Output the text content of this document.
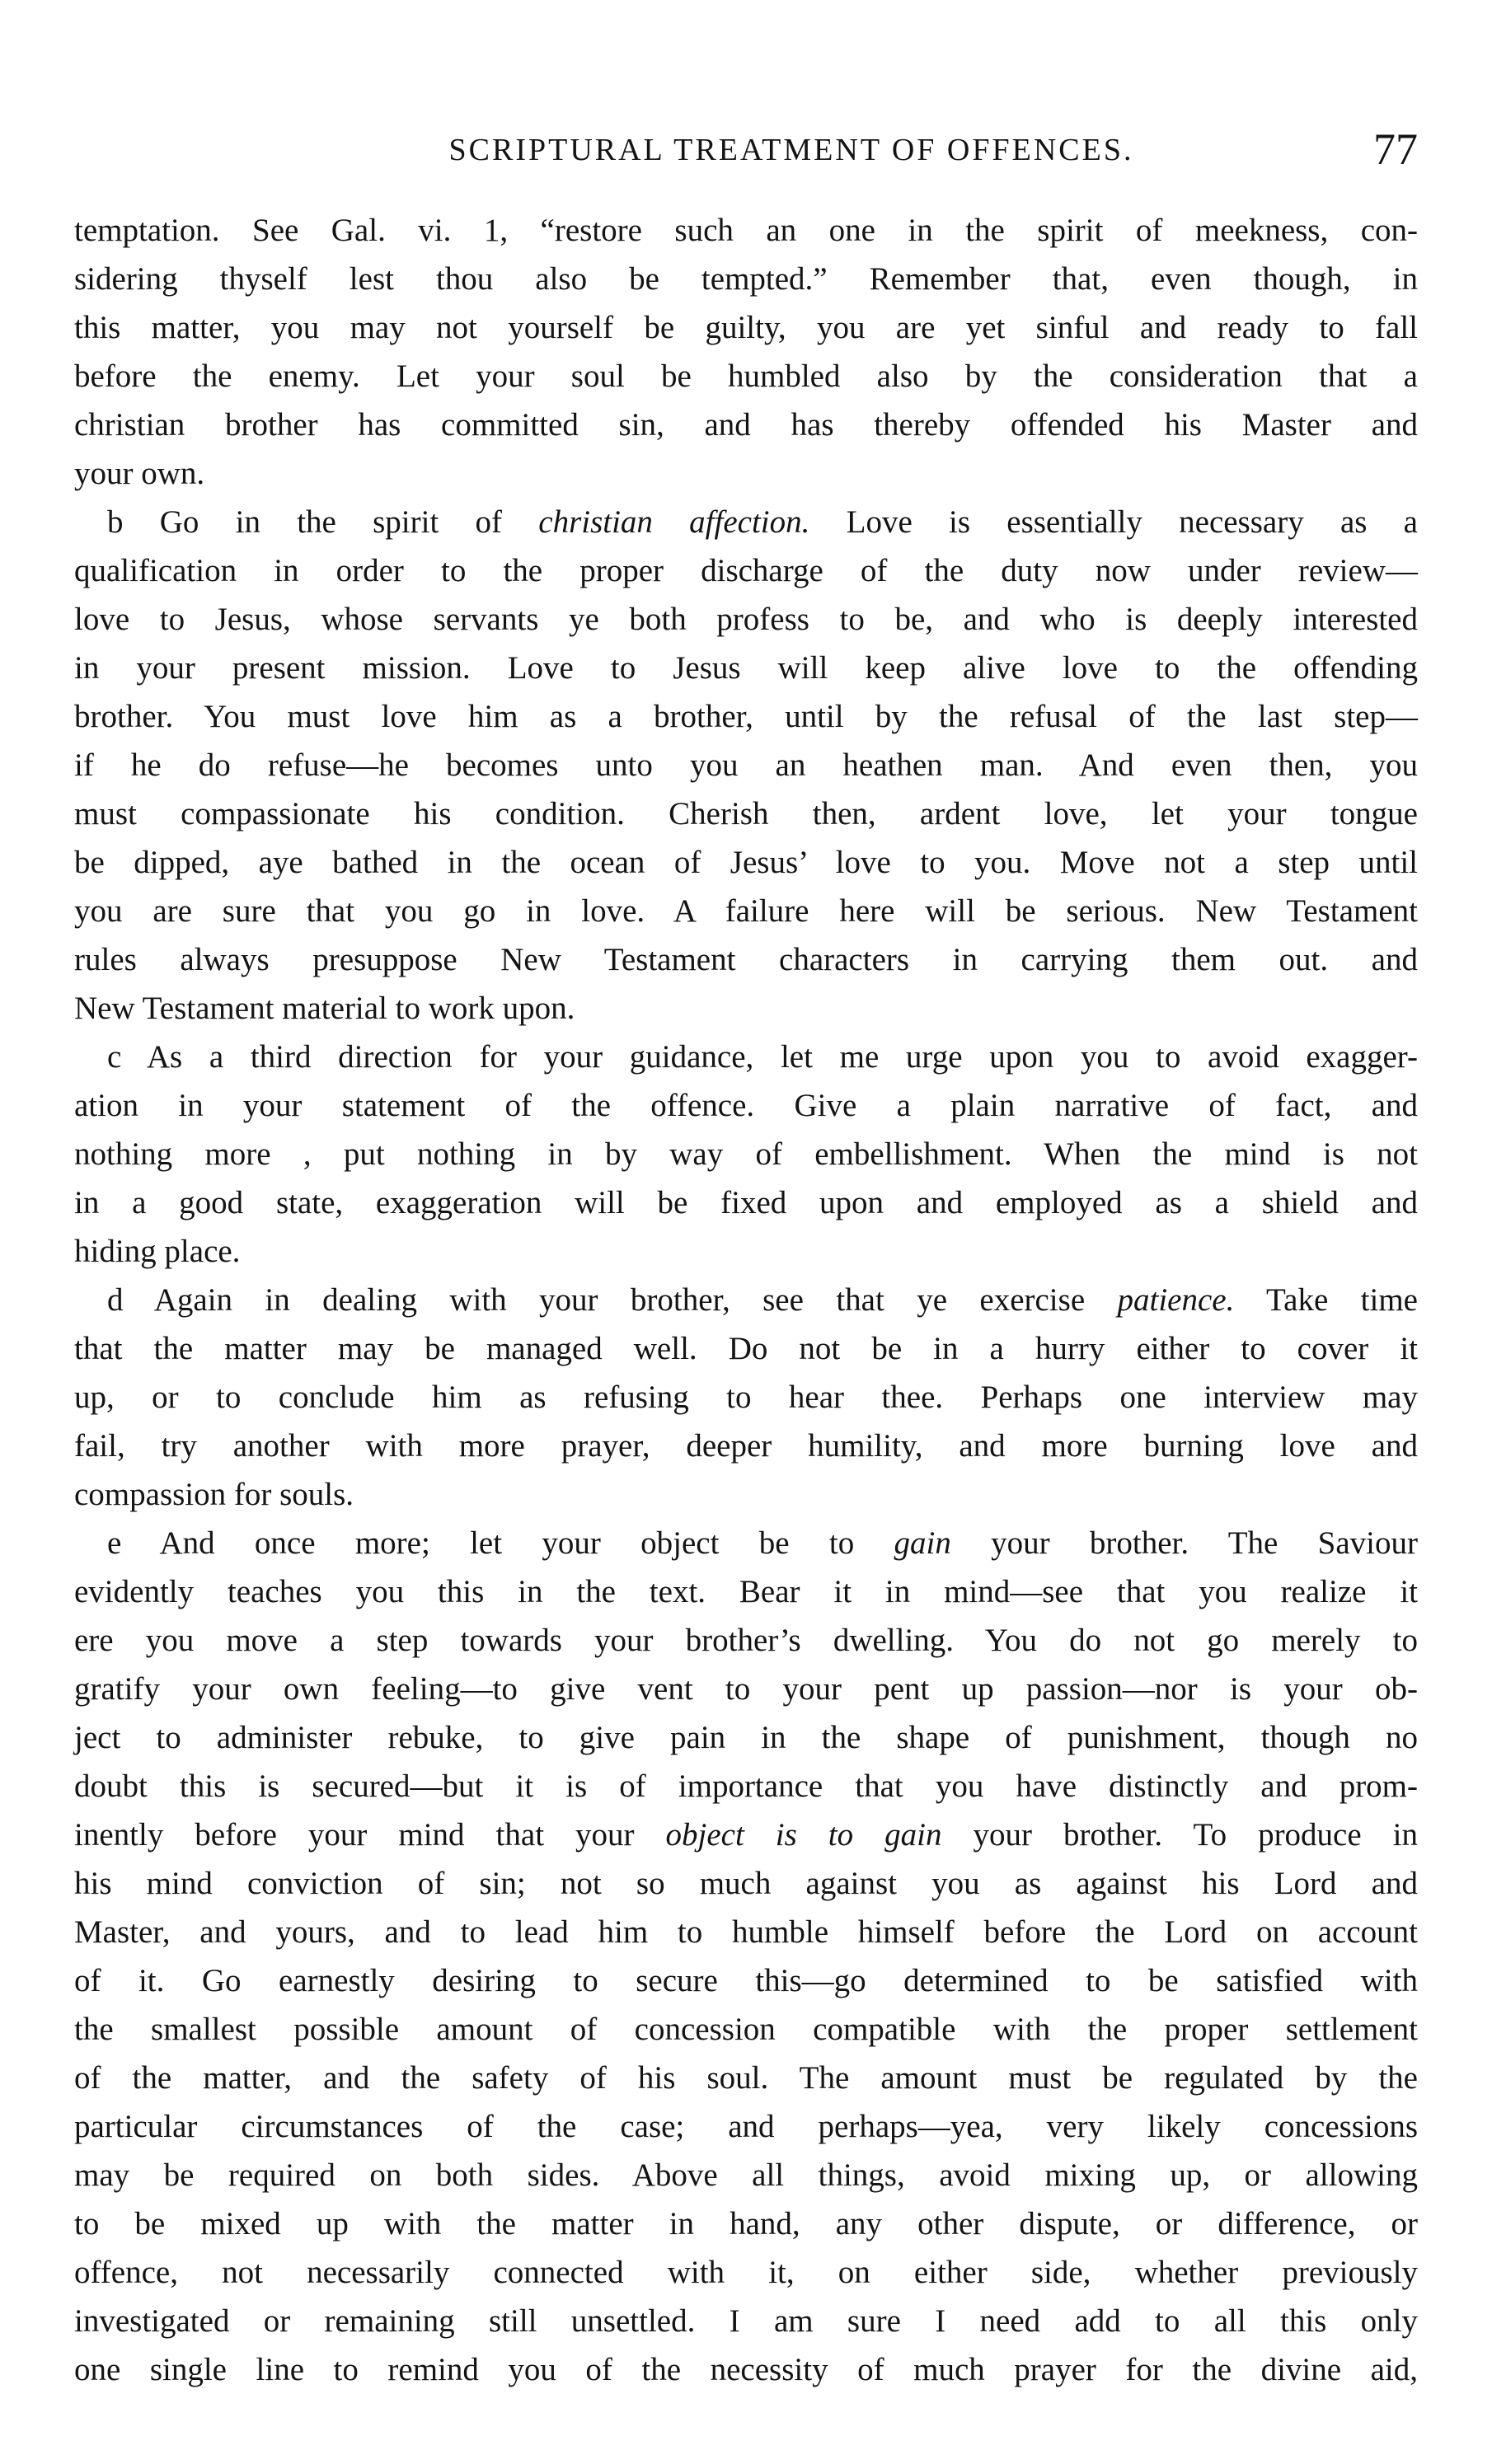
SCRIPTURAL TREATMENT OF OFFENCES.	77
temptation. See Gal. vi. 1, “restore such an one in the spirit of meekness, con-
sidering thyself lest thou also be tempted.” Remember that, even though, in
this matter, you may not yourself be guilty, you are yet sinful and ready to fall
before the enemy. Let your soul be humbled also by the consideration that a
christian brother has committed sin, and has thereby offended his Master and
your own.
b Go in the spirit of christian affection. Love is essentially necessary as a
qualification in order to the proper discharge of the duty now under review—
love to Jesus, whose servants ye both profess to be, and who is deeply interested
in your present mission. Love to Jesus will keep alive love to the offending
brother. You must love him as a brother, until by the refusal of the last step—
if he do refuse—he becomes unto you an heathen man. And even then, you
must compassionate his condition. Cherish then, ardent love, let your tongue
be dipped, aye bathed in the ocean of Jesus’ love to you. Move not a step until
you are sure that you go in love. A failure here will be serious. New Testament
rules always presuppose New Testament characters in carrying them out. and
New Testament material to work upon.
c As a third direction for your guidance, let me urge upon you to avoid exagger-
ation in your statement of the offence. Give a plain narrative of fact, and
nothing more , put nothing in by way of embellishment. When the mind is not
in a good state, exaggeration will be fixed upon and employed as a shield and
hiding place.
d Again in dealing with your brother, see that ye exercise patience. Take time
that the matter may be managed well. Do not be in a hurry either to cover it
up, or to conclude him as refusing to hear thee. Perhaps one interview may
fail, try another with more prayer, deeper humility, and more burning love and
compassion for souls.
e And once more; let your object be to gain your brother. The Saviour
evidently teaches you this in the text. Bear it in mind—see that you realize it
ere you move a step towards your brother’s dwelling. You do not go merely to
gratify your own feeling—to give vent to your pent up passion—nor is your ob-
ject to administer rebuke, to give pain in the shape of punishment, though no
doubt this is secured—but it is of importance that you have distinctly and prom-
inently before your mind that your object is to gain your brother. To produce in
his mind conviction of sin; not so much against you as against his Lord and
Master, and yours, and to lead him to humble himself before the Lord on account
of it. Go earnestly desiring to secure this—go determined to be satisfied with
the smallest possible amount of concession compatible with the proper settlement
of the matter, and the safety of his soul. The amount must be regulated by the
particular circumstances of the case; and perhaps—yea, very likely concessions
may be required on both sides. Above all things, avoid mixing up, or allowing
to be mixed up with the matter in hand, any other dispute, or difference, or
offence, not necessarily connected with it, on either side, whether previously
investigated or remaining still unsettled. I am sure I need add to all this only
one single line to remind you of the necessity of much prayer for the divine aid,
